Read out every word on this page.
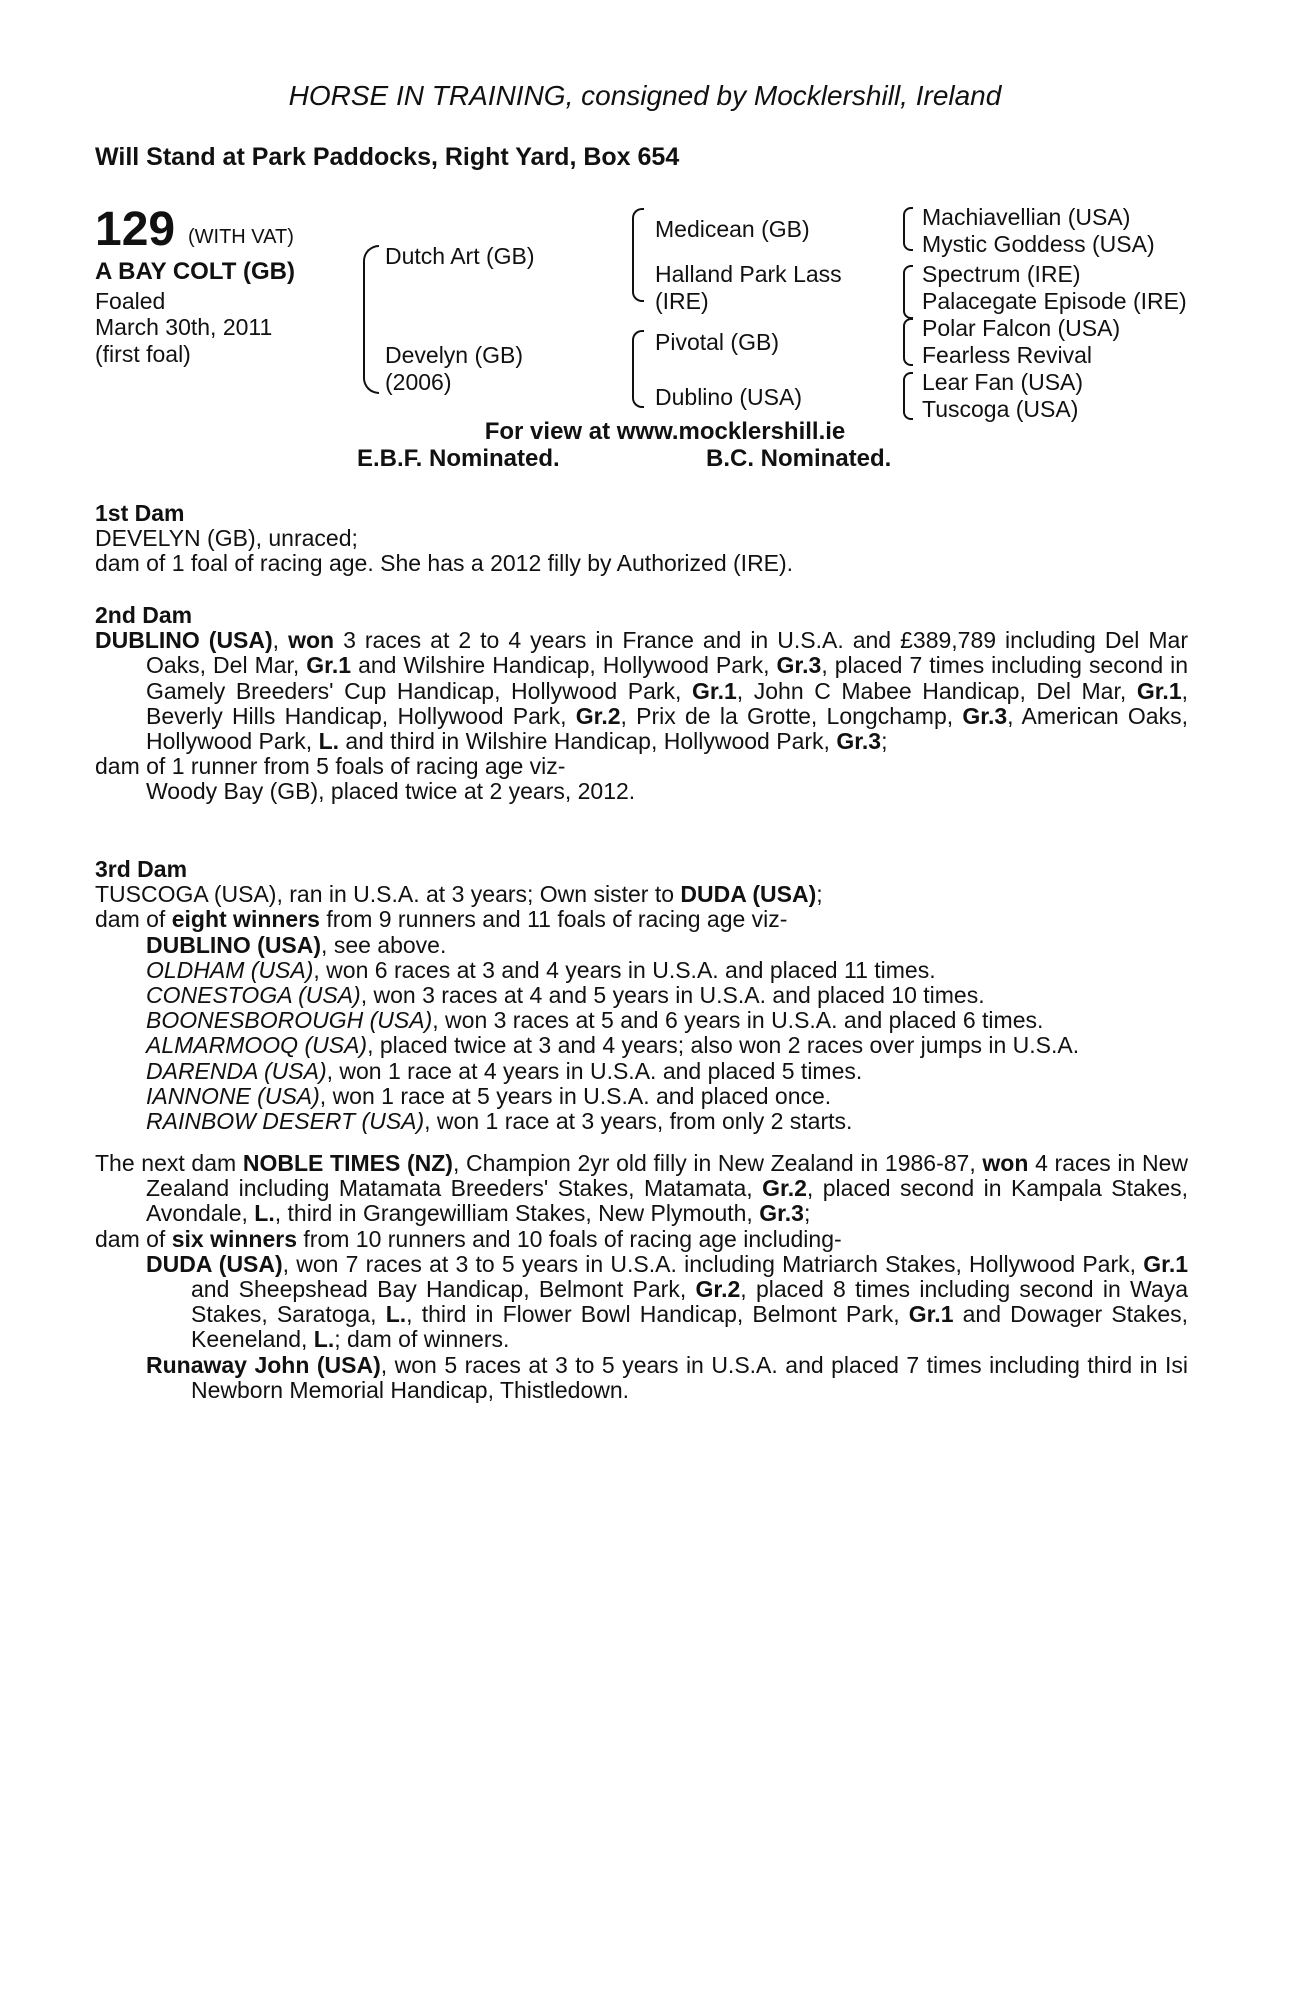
HORSE IN TRAINING, consigned by Mocklershill, Ireland
Will Stand at Park Paddocks, Right Yard, Box 654
129 (WITH VAT)
A BAY COLT (GB)
Foaled
March 30th, 2011
(first foal)
Dutch Art (GB)
Develyn (GB)
(2006)
Medicean (GB)
Halland Park Lass
(IRE)
Pivotal (GB)
Dublino (USA)
Machiavellian (USA)
Mystic Goddess (USA)
Spectrum (IRE)
Palacegate Episode (IRE)
Polar Falcon (USA)
Fearless Revival
Lear Fan (USA)
Tuscoga (USA)
For view at www.mocklershill.ie
E.B.F. Nominated.	B.C. Nominated.
1st Dam
DEVELYN (GB), unraced;
dam of 1 foal of racing age. She has a 2012 filly by Authorized (IRE).
2nd Dam

DUBLINO (USA), won 3 races at 2 to 4 years in France and in U.S.A. and £389,789 including Del Mar Oaks, Del Mar, Gr.1 and Wilshire Handicap, Hollywood Park, Gr.3, placed 7 times including second in Gamely Breeders' Cup Handicap, Hollywood Park, Gr.1, John C Mabee Handicap, Del Mar, Gr.1, Beverly Hills Handicap, Hollywood Park, Gr.2, Prix de la Grotte, Longchamp, Gr.3, American Oaks, Hollywood Park, L. and third in Wilshire Handicap, Hollywood Park, Gr.3;

dam of 1 runner from 5 foals of racing age viz-
Woody Bay (GB), placed twice at 2 years, 2012.
3rd Dam
TUSCOGA (USA), ran in U.S.A. at 3 years; Own sister to DUDA (USA);
dam of eight winners from 9 runners and 11 foals of racing age viz-
DUBLINO (USA), see above.
OLDHAM (USA), won 6 races at 3 and 4 years in U.S.A. and placed 11 times.
CONESTOGA (USA), won 3 races at 4 and 5 years in U.S.A. and placed 10 times.
BOONESBOROUGH (USA), won 3 races at 5 and 6 years in U.S.A. and placed 6 times.
ALMARMOOQ (USA), placed twice at 3 and 4 years; also won 2 races over jumps in U.S.A.
DARENDA (USA), won 1 race at 4 years in U.S.A. and placed 5 times.
IANNONE (USA), won 1 race at 5 years in U.S.A. and placed once.
RAINBOW DESERT (USA), won 1 race at 3 years, from only 2 starts.

The next dam NOBLE TIMES (NZ), Champion 2yr old filly in New Zealand in 1986-87, won 4 races in New Zealand including Matamata Breeders' Stakes, Matamata, Gr.2, placed second in Kampala Stakes, Avondale, L., third in Grangewilliam Stakes, New Plymouth, Gr.3;

dam of six winners from 10 runners and 10 foals of racing age including-

DUDA (USA), won 7 races at 3 to 5 years in U.S.A. including Matriarch Stakes, Hollywood Park, Gr.1 and Sheepshead Bay Handicap, Belmont Park, Gr.2, placed 8 times including second in Waya Stakes, Saratoga, L., third in Flower Bowl Handicap, Belmont Park, Gr.1 and Dowager Stakes, Keeneland, L.; dam of winners.

Runaway John (USA), won 5 races at 3 to 5 years in U.S.A. and placed 7 times including third in Isi Newborn Memorial Handicap, Thistledown.
